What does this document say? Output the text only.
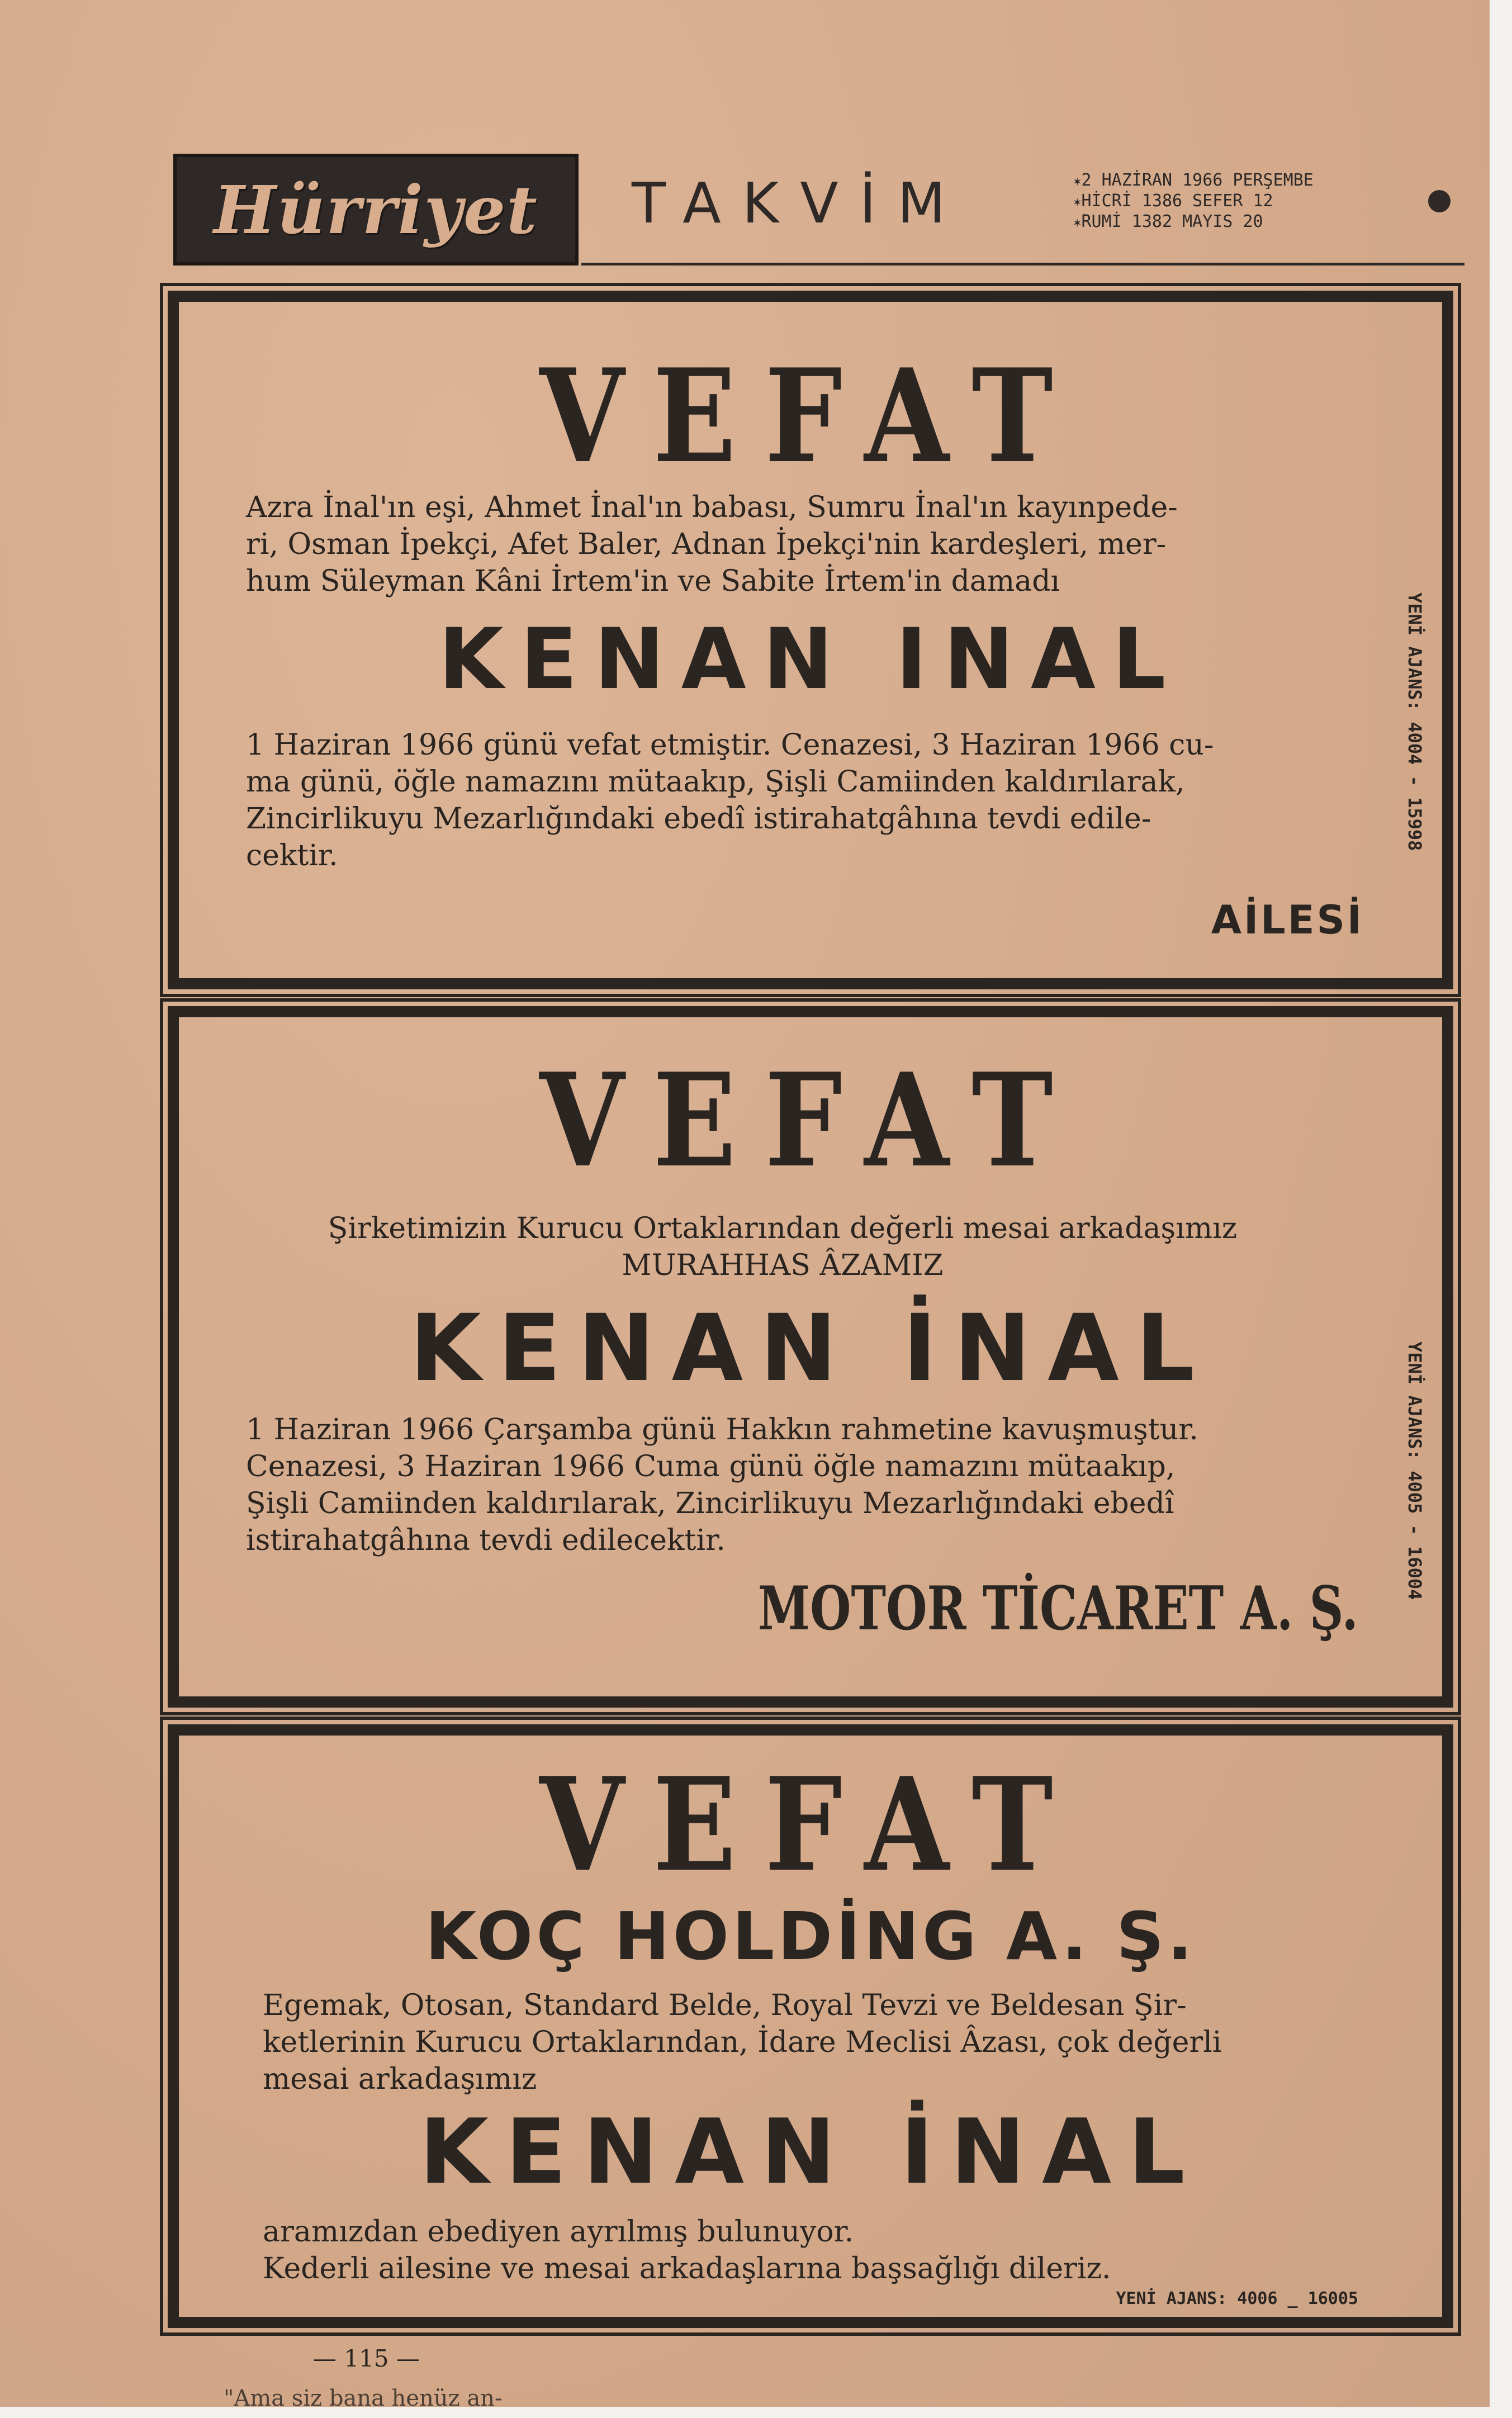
Hürriyet TAKVİM
✶	2 HAZİRAN 1966 PERŞEMBE
✶ HİCRİ 1386 SEFER 12
✶ RUMİ 1382 MAYIS 20
VEFAT
Azra İnal'ın eşi, Ahmet İnal'ın babası, Sumru İnal'ın kayınpede-
ri, Osman İpekçi, Afet Baler, Adnan İpekçi'nin kardeşleri, mer-
hum Süleyman Kâni İrtem'in ve Sabite İrtem'in damadı
KENAN INAL
1 Haziran 1966 günü vefat etmiştir. Cenazesi, 3 Haziran 1966 cu-
ma günü, öğle namazını mütaakıp, Şişli Camiinden kaldırılarak,
Zincirlikuyu Mezarlığındaki ebedî istirahatgâhına tevdi edile-
cektir.
AİLESİ
YENİ AJANS: 4004 - 15998
VEFAT
Şirketimizin Kurucu Ortaklarından değerli mesai arkadaşımız
MURAHHAS ÂZAMIZ
KENAN İNAL
1 Haziran 1966 Çarşamba günü Hakkın rahmetine kavuşmuştur.
Cenazesi, 3 Haziran 1966 Cuma günü öğle namazını mütaakıp,
Şişli Camiinden kaldırılarak, Zincirlikuyu Mezarlığındaki ebedî
istirahatgâhına tevdi edilecektir.
MOTOR TİCARET A. Ş.
YENİ AJANS: 4005 - 16004
VEFAT
KOÇ HOLDİNG A. Ş.
Egemak, Otosan, Standard Belde, Royal Tevzi ve Beldesan Şir-
ketlerinin Kurucu Ortaklarından, İdare Meclisi Âzası, çok değerli
mesai arkadaşımız
KENAN İNAL
aramızdan ebediyen ayrılmış bulunuyor.
Kederli ailesine ve mesai arkadaşlarına başsağlığı dileriz.
YENİ AJANS: 4006 _ 16005
— 115 —
"Ama siz bana henüz an-
